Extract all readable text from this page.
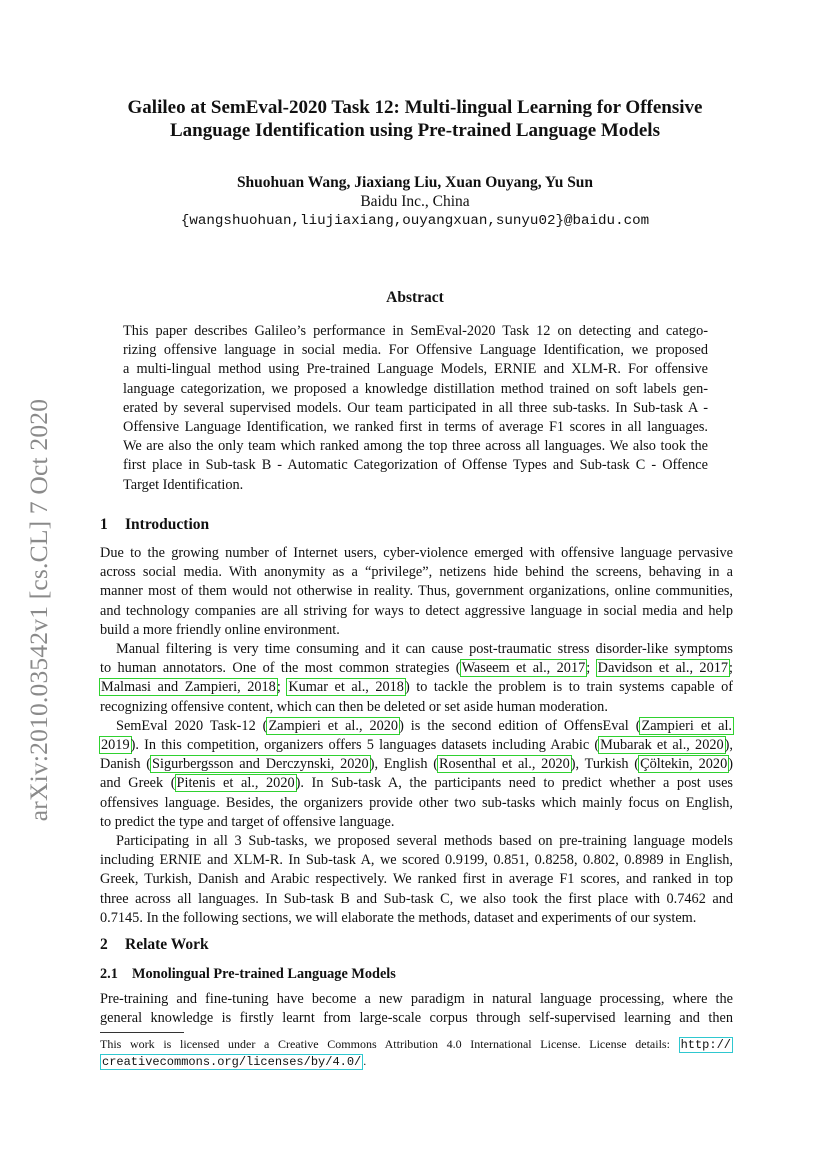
arXiv:2010.03542v1 [cs.CL] 7 Oct 2020
Galileo at SemEval-2020 Task 12: Multi-lingual Learning for Offensive
Language Identification using Pre-trained Language Models
Shuohuan Wang, Jiaxiang Liu, Xuan Ouyang, Yu Sun
Baidu Inc., China
{wangshuohuan,liujiaxiang,ouyangxuan,sunyu02}@baidu.com
Abstract
This paper describes Galileo’s performance in SemEval-2020 Task 12 on detecting and catego-
rizing offensive language in social media. For Offensive Language Identification, we proposed
a multi-lingual method using Pre-trained Language Models, ERNIE and XLM-R. For offensive
language categorization, we proposed a knowledge distillation method trained on soft labels gen-
erated by several supervised models. Our team participated in all three sub-tasks. In Sub-task A -
Offensive Language Identification, we ranked first in terms of average F1 scores in all languages.
We are also the only team which ranked among the top three across all languages. We also took the
first place in Sub-task B - Automatic Categorization of Offense Types and Sub-task C - Offence
Target Identification.
1 Introduction
Due to the growing number of Internet users, cyber-violence emerged with offensive language pervasive
across social media. With anonymity as a “privilege”, netizens hide behind the screens, behaving in a
manner most of them would not otherwise in reality. Thus, government organizations, online communities,
and technology companies are all striving for ways to detect aggressive language in social media and help
build a more friendly online environment.
Manual filtering is very time consuming and it can cause post-traumatic stress disorder-like symptoms
to human annotators. One of the most common strategies (Waseem et al., 2017; Davidson et al., 2017;
Malmasi and Zampieri, 2018; Kumar et al., 2018) to tackle the problem is to train systems capable of
recognizing offensive content, which can then be deleted or set aside human moderation.
SemEval 2020 Task-12 (Zampieri et al., 2020) is the second edition of OffensEval (Zampieri et al.
2019). In this competition, organizers offers 5 languages datasets including Arabic (Mubarak et al., 2020),
Danish (Sigurbergsson and Derczynski, 2020), English (Rosenthal et al., 2020), Turkish (Çöltekin, 2020)
and Greek (Pitenis et al., 2020). In Sub-task A, the participants need to predict whether a post uses
offensives language. Besides, the organizers provide other two sub-tasks which mainly focus on English,
to predict the type and target of offensive language.
Participating in all 3 Sub-tasks, we proposed several methods based on pre-training language models
including ERNIE and XLM-R. In Sub-task A, we scored 0.9199, 0.851, 0.8258, 0.802, 0.8989 in English,
Greek, Turkish, Danish and Arabic respectively. We ranked first in average F1 scores, and ranked in top
three across all languages. In Sub-task B and Sub-task C, we also took the first place with 0.7462 and
0.7145. In the following sections, we will elaborate the methods, dataset and experiments of our system.
2 Relate Work
2.1 Monolingual Pre-trained Language Models
Pre-training and fine-tuning have become a new paradigm in natural language processing, where the
general knowledge is firstly learnt from large-scale corpus through self-supervised learning and then
This work is licensed under a Creative Commons Attribution 4.0 International License. License details: http://
creativecommons.org/licenses/by/4.0/ .
